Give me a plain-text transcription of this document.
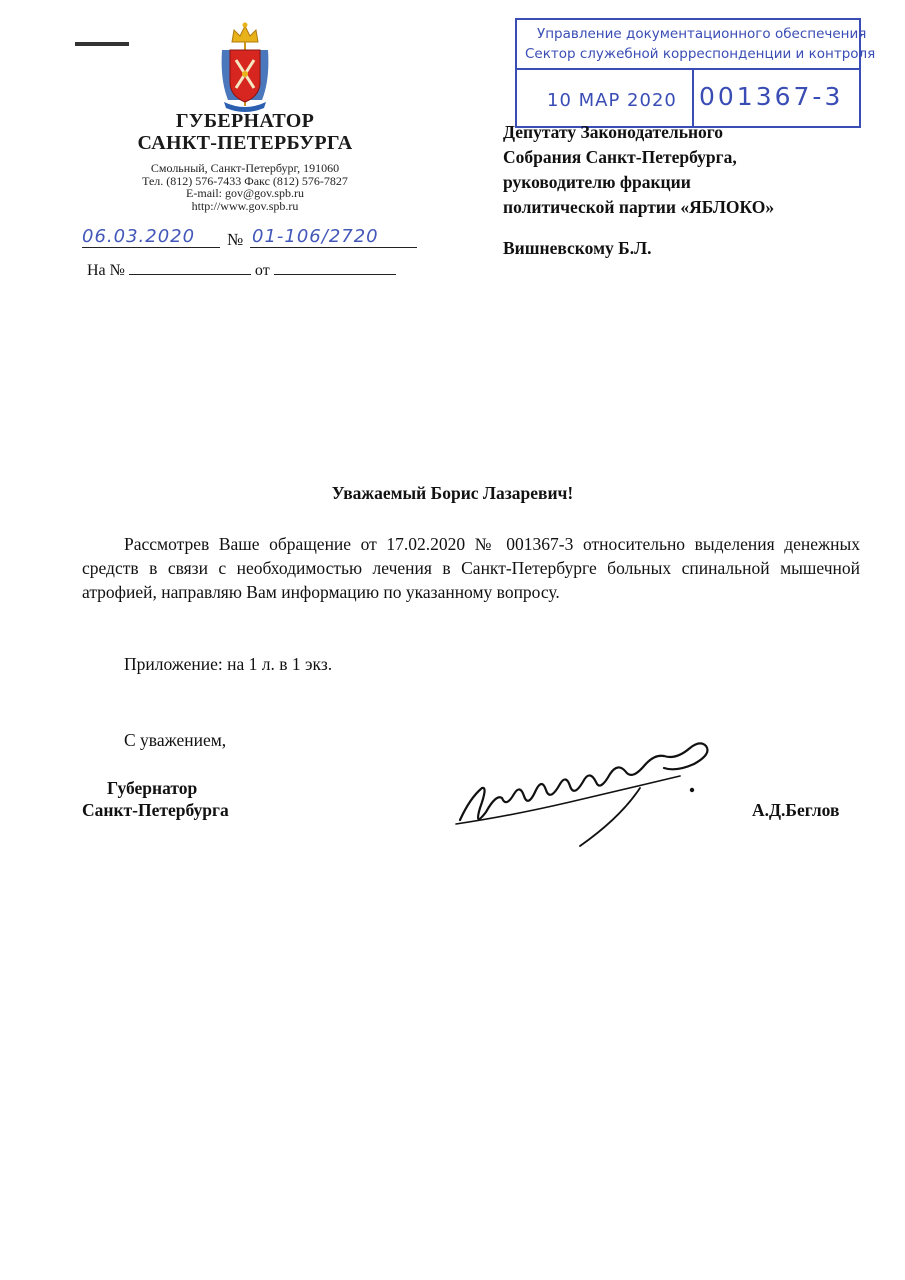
ГУБЕРНАТОР
САНКТ-ПЕТЕРБУРГА
Смольный, Санкт-Петербург, 191060
Тел. (812) 576-7433 Факс (812) 576-7827
E-mail: gov@gov.spb.ru
http://www.gov.spb.ru
06.03.2020	№ 01-106/2720
На №	от
Управление документационного обеспечения
Сектор служебной корреспонденции и контроля
10 MAP 2020 001367-3
Депутату Законодательного
Собрания Санкт-Петербурга,
руководителю фракции
политической партии «ЯБЛОКО»
Вишневскому Б.Л.
Уважаемый Борис Лазаревич!
Рассмотрев Ваше обращение от 17.02.2020 № 001367-3 относительно выделения денежных средств в связи с необходимостью лечения в Санкт-Петербурге больных спинальной мышечной атрофией, направляю Вам информацию по указанному вопросу.
Приложение: на 1 л. в 1 экз.
С уважением,
Губернатор
Санкт-Петербурга	А.Д.Беглов
